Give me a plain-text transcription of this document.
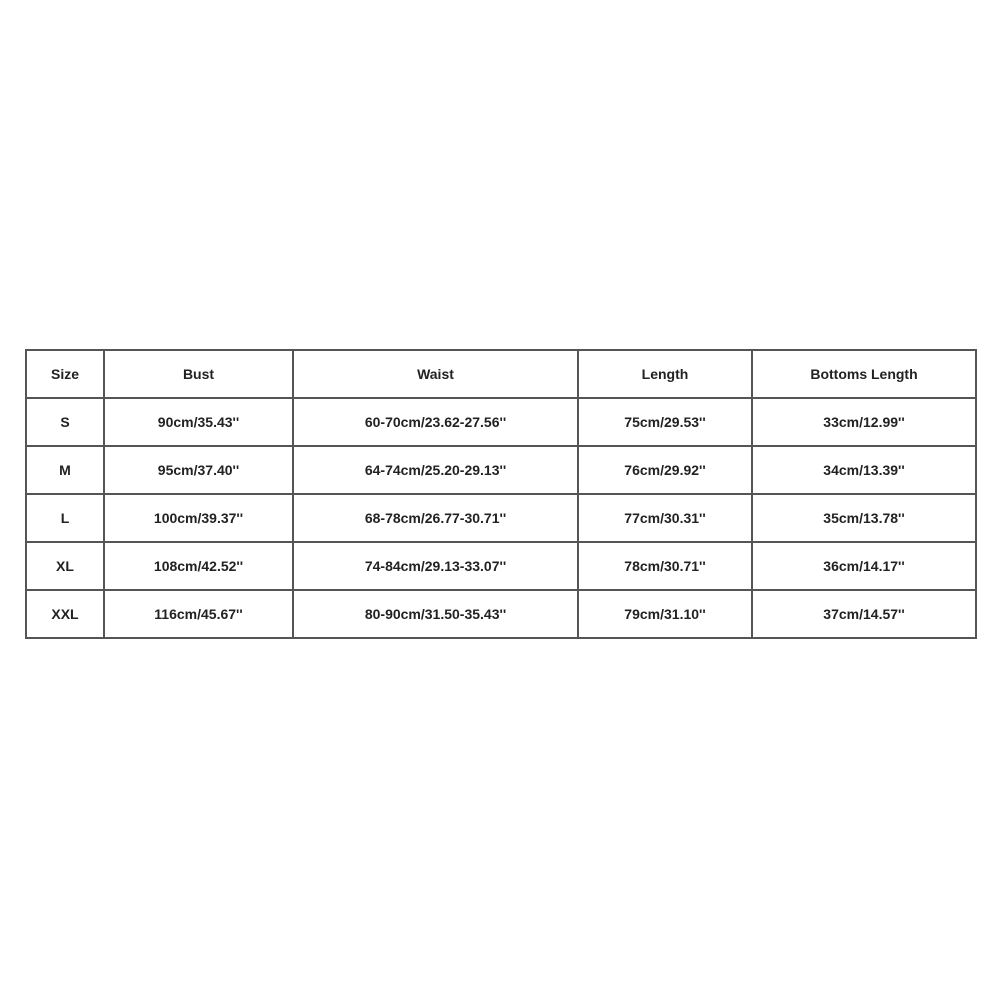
Size	Bust	Waist	Length	Bottoms Length
S	90cm/35.43''	60-70cm/23.62-27.56''	75cm/29.53''	33cm/12.99''
M	95cm/37.40''	64-74cm/25.20-29.13''	76cm/29.92''	34cm/13.39''
L	100cm/39.37''	68-78cm/26.77-30.71''	77cm/30.31''	35cm/13.78''
XL	108cm/42.52''	74-84cm/29.13-33.07''	78cm/30.71''	36cm/14.17''
XXL	116cm/45.67''	80-90cm/31.50-35.43''	79cm/31.10''	37cm/14.57''
